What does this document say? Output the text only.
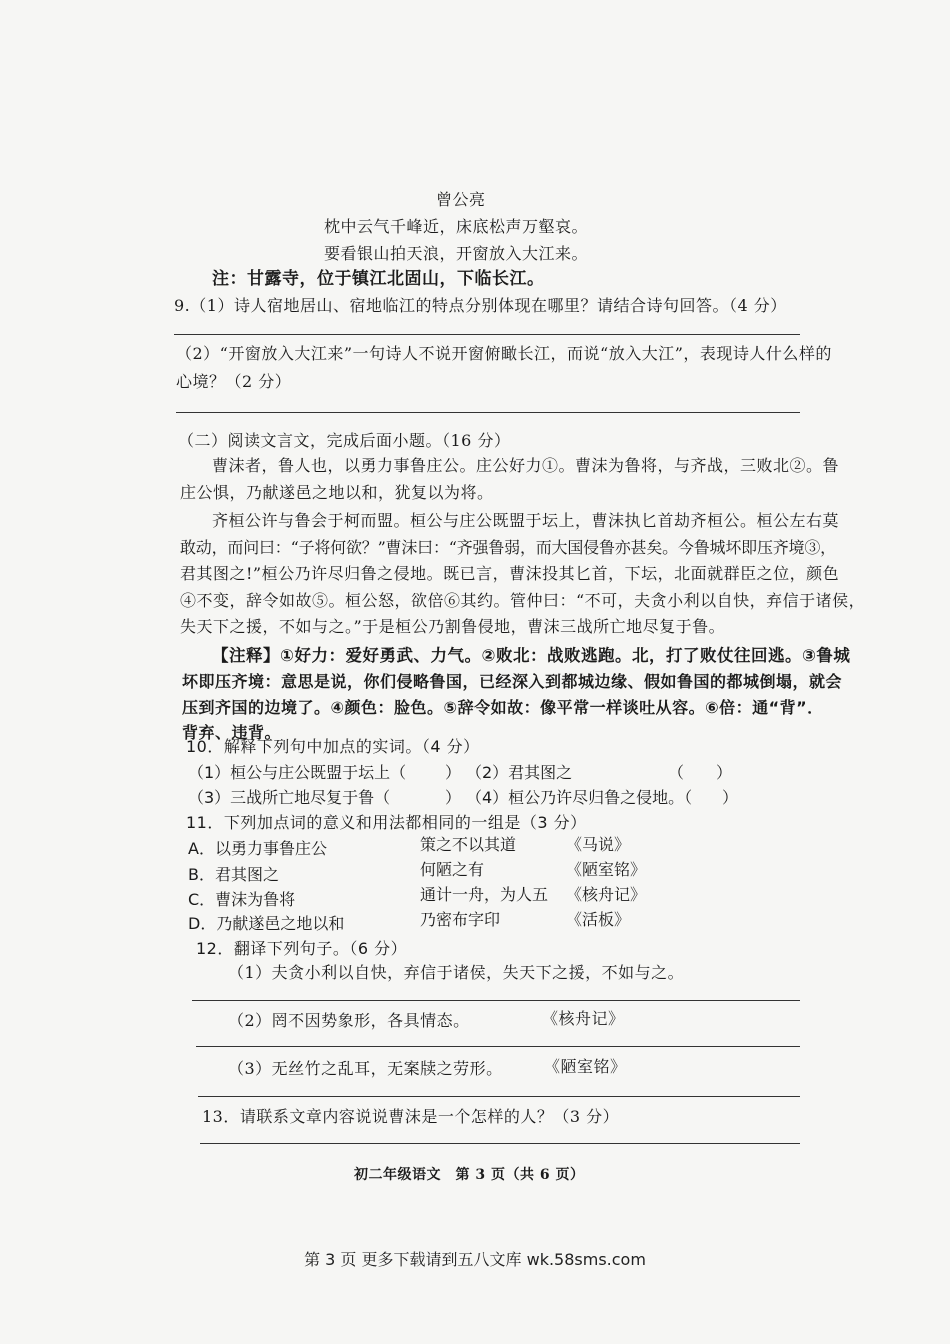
曾公亮
枕中云气千峰近，床底松声万壑哀。
要看银山拍天浪，开窗放入大江来。
注：甘露寺，位于镇江北固山，下临长江。
9.（1）诗人宿地居山、宿地临江的特点分别体现在哪里？请结合诗句回答。（4 分）
（2）“开窗放入大江来”一句诗人不说开窗俯瞰长江，而说“放入大江”，表现诗人什么样的
心境？（2 分）
（二）阅读文言文，完成后面小题。（16 分）
曹沫者，鲁人也，以勇力事鲁庄公。庄公好力①。曹沫为鲁将，与齐战，三败北②。鲁
庄公惧，乃献遂邑之地以和，犹复以为将。
齐桓公许与鲁会于柯而盟。桓公与庄公既盟于坛上，曹沫执匕首劫齐桓公。桓公左右莫
敢动，而问曰：“子将何欲？”曹沫曰：“齐强鲁弱，而大国侵鲁亦甚矣。今鲁城坏即压齐境③，
君其图之!”桓公乃许尽归鲁之侵地。既已言，曹沫投其匕首，下坛，北面就群臣之位，颜色
④不变，辞令如故⑤。桓公怒，欲倍⑥其约。管仲曰：“不可，夫贪小利以自快，弃信于诸侯，
失天下之援，不如与之。”于是桓公乃割鲁侵地，曹沫三战所亡地尽复于鲁。
【注释】①好力：爱好勇武、力气。②败北：战败逃跑。北，打了败仗往回逃。③鲁城
坏即压齐境：意思是说，你们侵略鲁国，已经深入到都城边缘、假如鲁国的都城倒塌，就会
压到齐国的边境了。④颜色：脸色。⑤辞令如故：像平常一样谈吐从容。⑥倍：通“背”．
背弃、违背。
10．解释下列句中加点的实词。（4 分）
（1）桓公与庄公既盟于坛上（ ） （2）君其图之	（　　）
（3）三战所亡地尽复于鲁（	） （4）桓公乃许尽归鲁之侵地。（ ）
11．下列加点词的意义和用法都相同的一组是（3 分）
A．以勇力事鲁庄公	策之不以其道	《马说》
B．君其图之	何陋之有	《陋室铭》
C．曹沫为鲁将	通计一舟，为人五 《核舟记》
D．乃献遂邑之地以和	乃密布字印	《活板》
12．翻译下列句子。（6 分）
（1）夫贪小利以自快，弃信于诸侯，失天下之援，不如与之。
（2）罔不因势象形，各具情态。	《核舟记》
（3）无丝竹之乱耳，无案牍之劳形。	《陋室铭》
13．请联系文章内容说说曹沫是一个怎样的人？（3 分）
初二年级语文　第 3 页（共 6 页）
第 3 页 更多下载请到五八文库 wk.58sms.com
